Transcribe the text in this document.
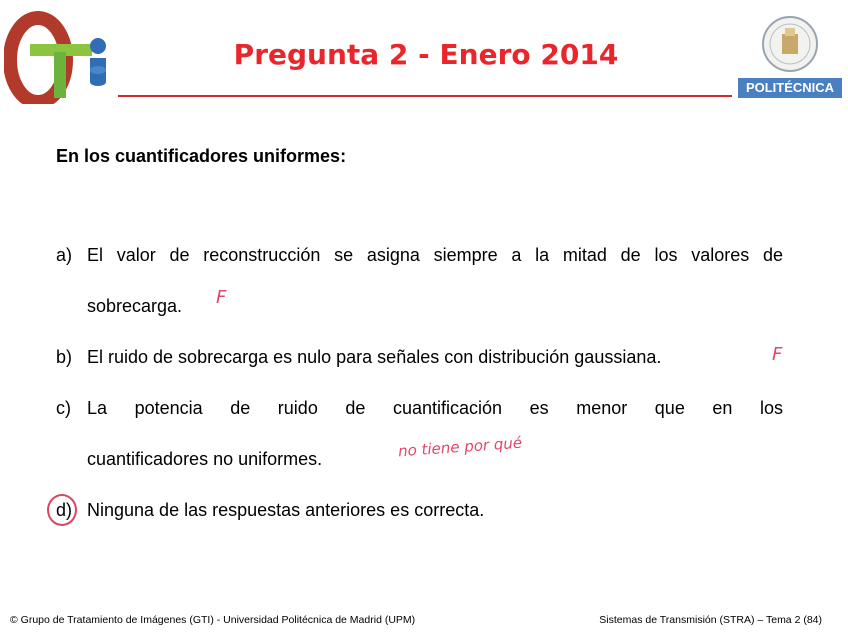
POLITÉCNICA
Pregunta 2 - Enero 2014
En los cuantificadores uniformes:
a) El valor de reconstrucción se asigna siempre a la mitad de los valores de
sobrecarga.
b) El ruido de sobrecarga es nulo para señales con distribución gaussiana.
c) La potencia de ruido de cuantificación es menor que en los
cuantificadores no uniformes.
d) Ninguna de las respuestas anteriores es correcta.
F
F
no tiene por qué
© Grupo de Tratamiento de Imágenes (GTI) - Universidad Politécnica de Madrid (UPM)	Sistemas de Transmisión (STRA) – Tema 2 (84)
